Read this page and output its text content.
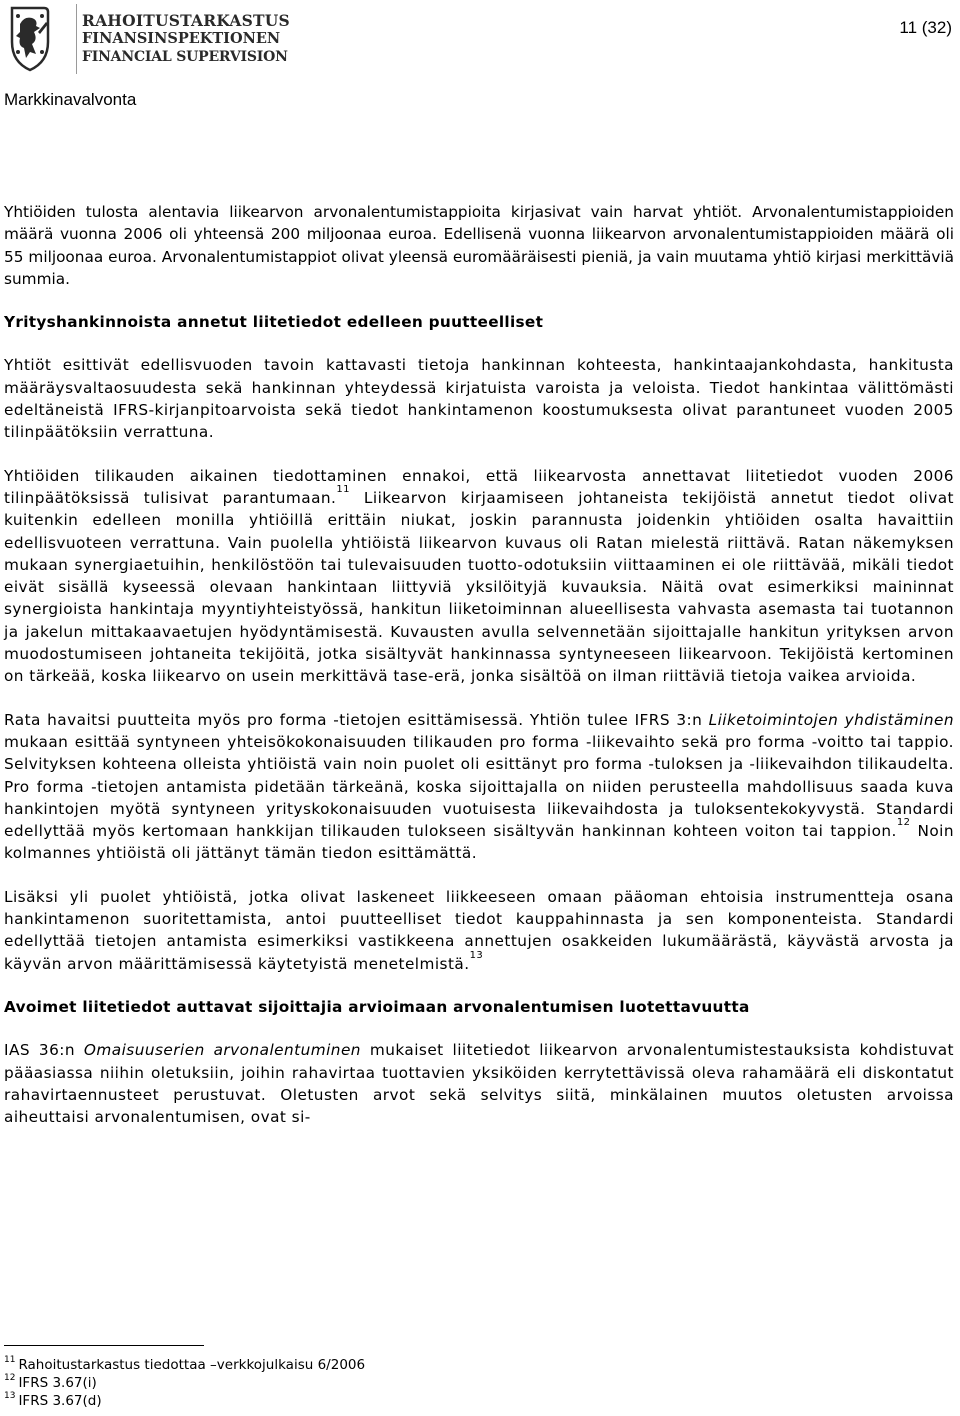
RAHOITUSTARKASTUS
FINANSINSPEKTIONEN
FINANCIAL SUPERVISION
11 (32)
Markkinavalvonta

Yhtiöiden tulosta alentavia liikearvon arvonalentumistappioita kirjasivat vain harvat yhtiöt. Arvonalentumistappioiden määrä vuonna 2006 oli yhteensä 200 miljoonaa euroa. Edellisenä vuonna liikearvon arvonalentumistappioiden määrä oli 55 miljoonaa euroa. Arvonalentumistappiot olivat yleensä euromääräisesti pieniä, ja vain muutama yhtiö kirjasi merkittäviä summia.

Yrityshankinnoista annetut liitetiedot edelleen puutteelliset

Yhtiöt esittivät edellisvuoden tavoin kattavasti tietoja hankinnan kohteesta, hankintaajankohdasta, hankitusta määräysvaltaosuudesta sekä hankinnan yhteydessä kirjatuista varoista ja veloista. Tiedot hankintaa välittömästi edeltäneistä IFRS-kirjanpitoarvoista sekä tiedot hankintamenon koostumuksesta olivat parantuneet vuoden 2005 tilinpäätöksiin verrattuna.

Yhtiöiden tilikauden aikainen tiedottaminen ennakoi, että liikearvosta annettavat liitetiedot vuoden 2006 tilinpäätöksissä tulisivat parantumaan.$^{11}$ Liikearvon kirjaamiseen johtaneista tekijöistä annetut tiedot olivat kuitenkin edelleen monilla yhtiöillä erittäin niukat, joskin parannusta joidenkin yhtiöiden osalta havaittiin edellisvuoteen verrattuna. Vain puolella yhtiöistä liikearvon kuvaus oli Ratan mielestä riittävä. Ratan näkemyksen mukaan synergiaetuihin, henkilöstöön tai tulevaisuuden tuotto-odotuksiin viittaaminen ei ole riittävää, mikäli tiedot eivät sisällä kyseessä olevaan hankintaan liittyviä yksilöityjä kuvauksia. Näitä ovat esimerkiksi maininnat synergioista hankintaja myyntiyhteistyössä, hankitun liiketoiminnan alueellisesta vahvasta asemasta tai tuotannon ja jakelun mittakaavaetujen hyödyntämisestä. Kuvausten avulla selvennetään sijoittajalle hankitun yrityksen arvon muodostumiseen johtaneita tekijöitä, jotka sisältyvät hankinnassa syntyneeseen liikearvoon. Tekijöistä kertominen on tärkeää, koska liikearvo on usein merkittävä tase-erä, jonka sisältöä on ilman riittäviä tietoja vaikea arvioida.

Rata havaitsi puutteita myös pro forma -tietojen esittämisessä. Yhtiön tulee IFRS 3:n Liiketoimintojen yhdistäminen mukaan esittää syntyneen yhteisökokonaisuuden tilikauden pro forma -liikevaihto sekä pro forma -voitto tai tappio. Selvityksen kohteena olleista yhtiöistä vain noin puolet oli esittänyt pro forma -tuloksen ja -liikevaihdon tilikaudelta. Pro forma -tietojen antamista pidetään tärkeänä, koska sijoittajalla on niiden perusteella mahdollisuus saada kuva hankintojen myötä syntyneen yrityskokonaisuuden vuotuisesta liikevaihdosta ja tuloksentekokyvystä. Standardi edellyttää myös kertomaan hankkijan tilikauden tulokseen sisältyvän hankinnan kohteen voiton tai tappion.$^{12}$ Noin kolmannes yhtiöistä oli jättänyt tämän tiedon esittämättä.

Lisäksi yli puolet yhtiöistä, jotka olivat laskeneet liikkeeseen omaan pääoman ehtoisia instrumentteja osana hankintamenon suoritettamista, antoi puutteelliset tiedot kauppahinnasta ja sen komponenteista. Standardi edellyttää tietojen antamista esimerkiksi vastikkeena annettujen osakkeiden lukumäärästä, käyvästä arvosta ja käyvän arvon määrittämisessä käytetyistä menetelmistä.$^{13}$

Avoimet liitetiedot auttavat sijoittajia arvioimaan arvonalentumisen luotettavuutta

IAS 36:n Omaisuuserien arvonalentuminen mukaiset liitetiedot liikearvon arvonalentumistestauksista kohdistuvat pääasiassa niihin oletuksiin, joihin rahavirtaa tuottavien yksiköiden kerrytettävissä oleva rahamäärä eli diskontatut rahavirtaennusteet perustuvat. Oletusten arvot sekä selvitys siitä, minkälainen muutos oletusten arvoissa aiheuttaisi arvonalentumisen, ovat si-

$^{11}$ Rahoitustarkastus tiedottaa –verkkojulkaisu 6/2006
$^{12}$ IFRS 3.67(i)
$^{13}$ IFRS 3.67(d)
